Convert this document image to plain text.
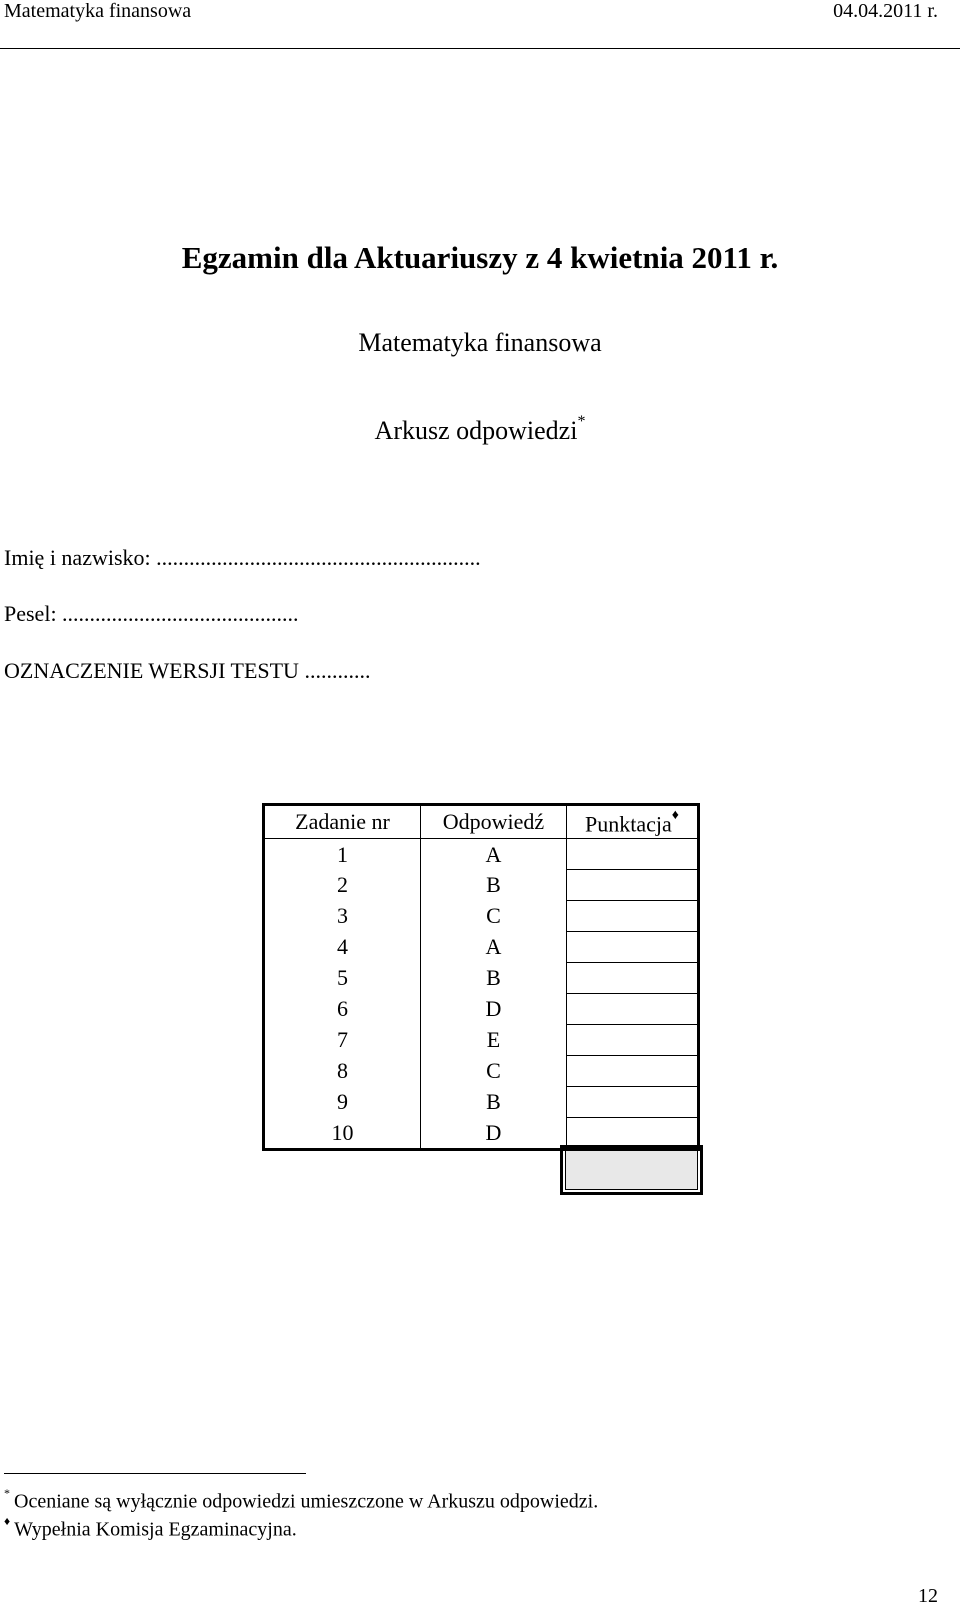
Matematyka finansowa	04.04.2011 r.
Egzamin dla Aktuariuszy z 4 kwietnia 2011 r.
Matematyka finansowa
Arkusz odpowiedzi*
Imię i nazwisko: ...........................................................
Pesel: ...........................................
OZNACZENIE WERSJI TESTU ............
Zadanie nr	Odpowiedź	Punktacja♦
1	A	
2	B	
3	C	
4	A	
5	B	
6	D	
7	E	
8	C	
9	B	
10	D	
* Oceniane są wyłącznie odpowiedzi umieszczone w Arkuszu odpowiedzi.
♦ Wypełnia Komisja Egzaminacyjna.
12
